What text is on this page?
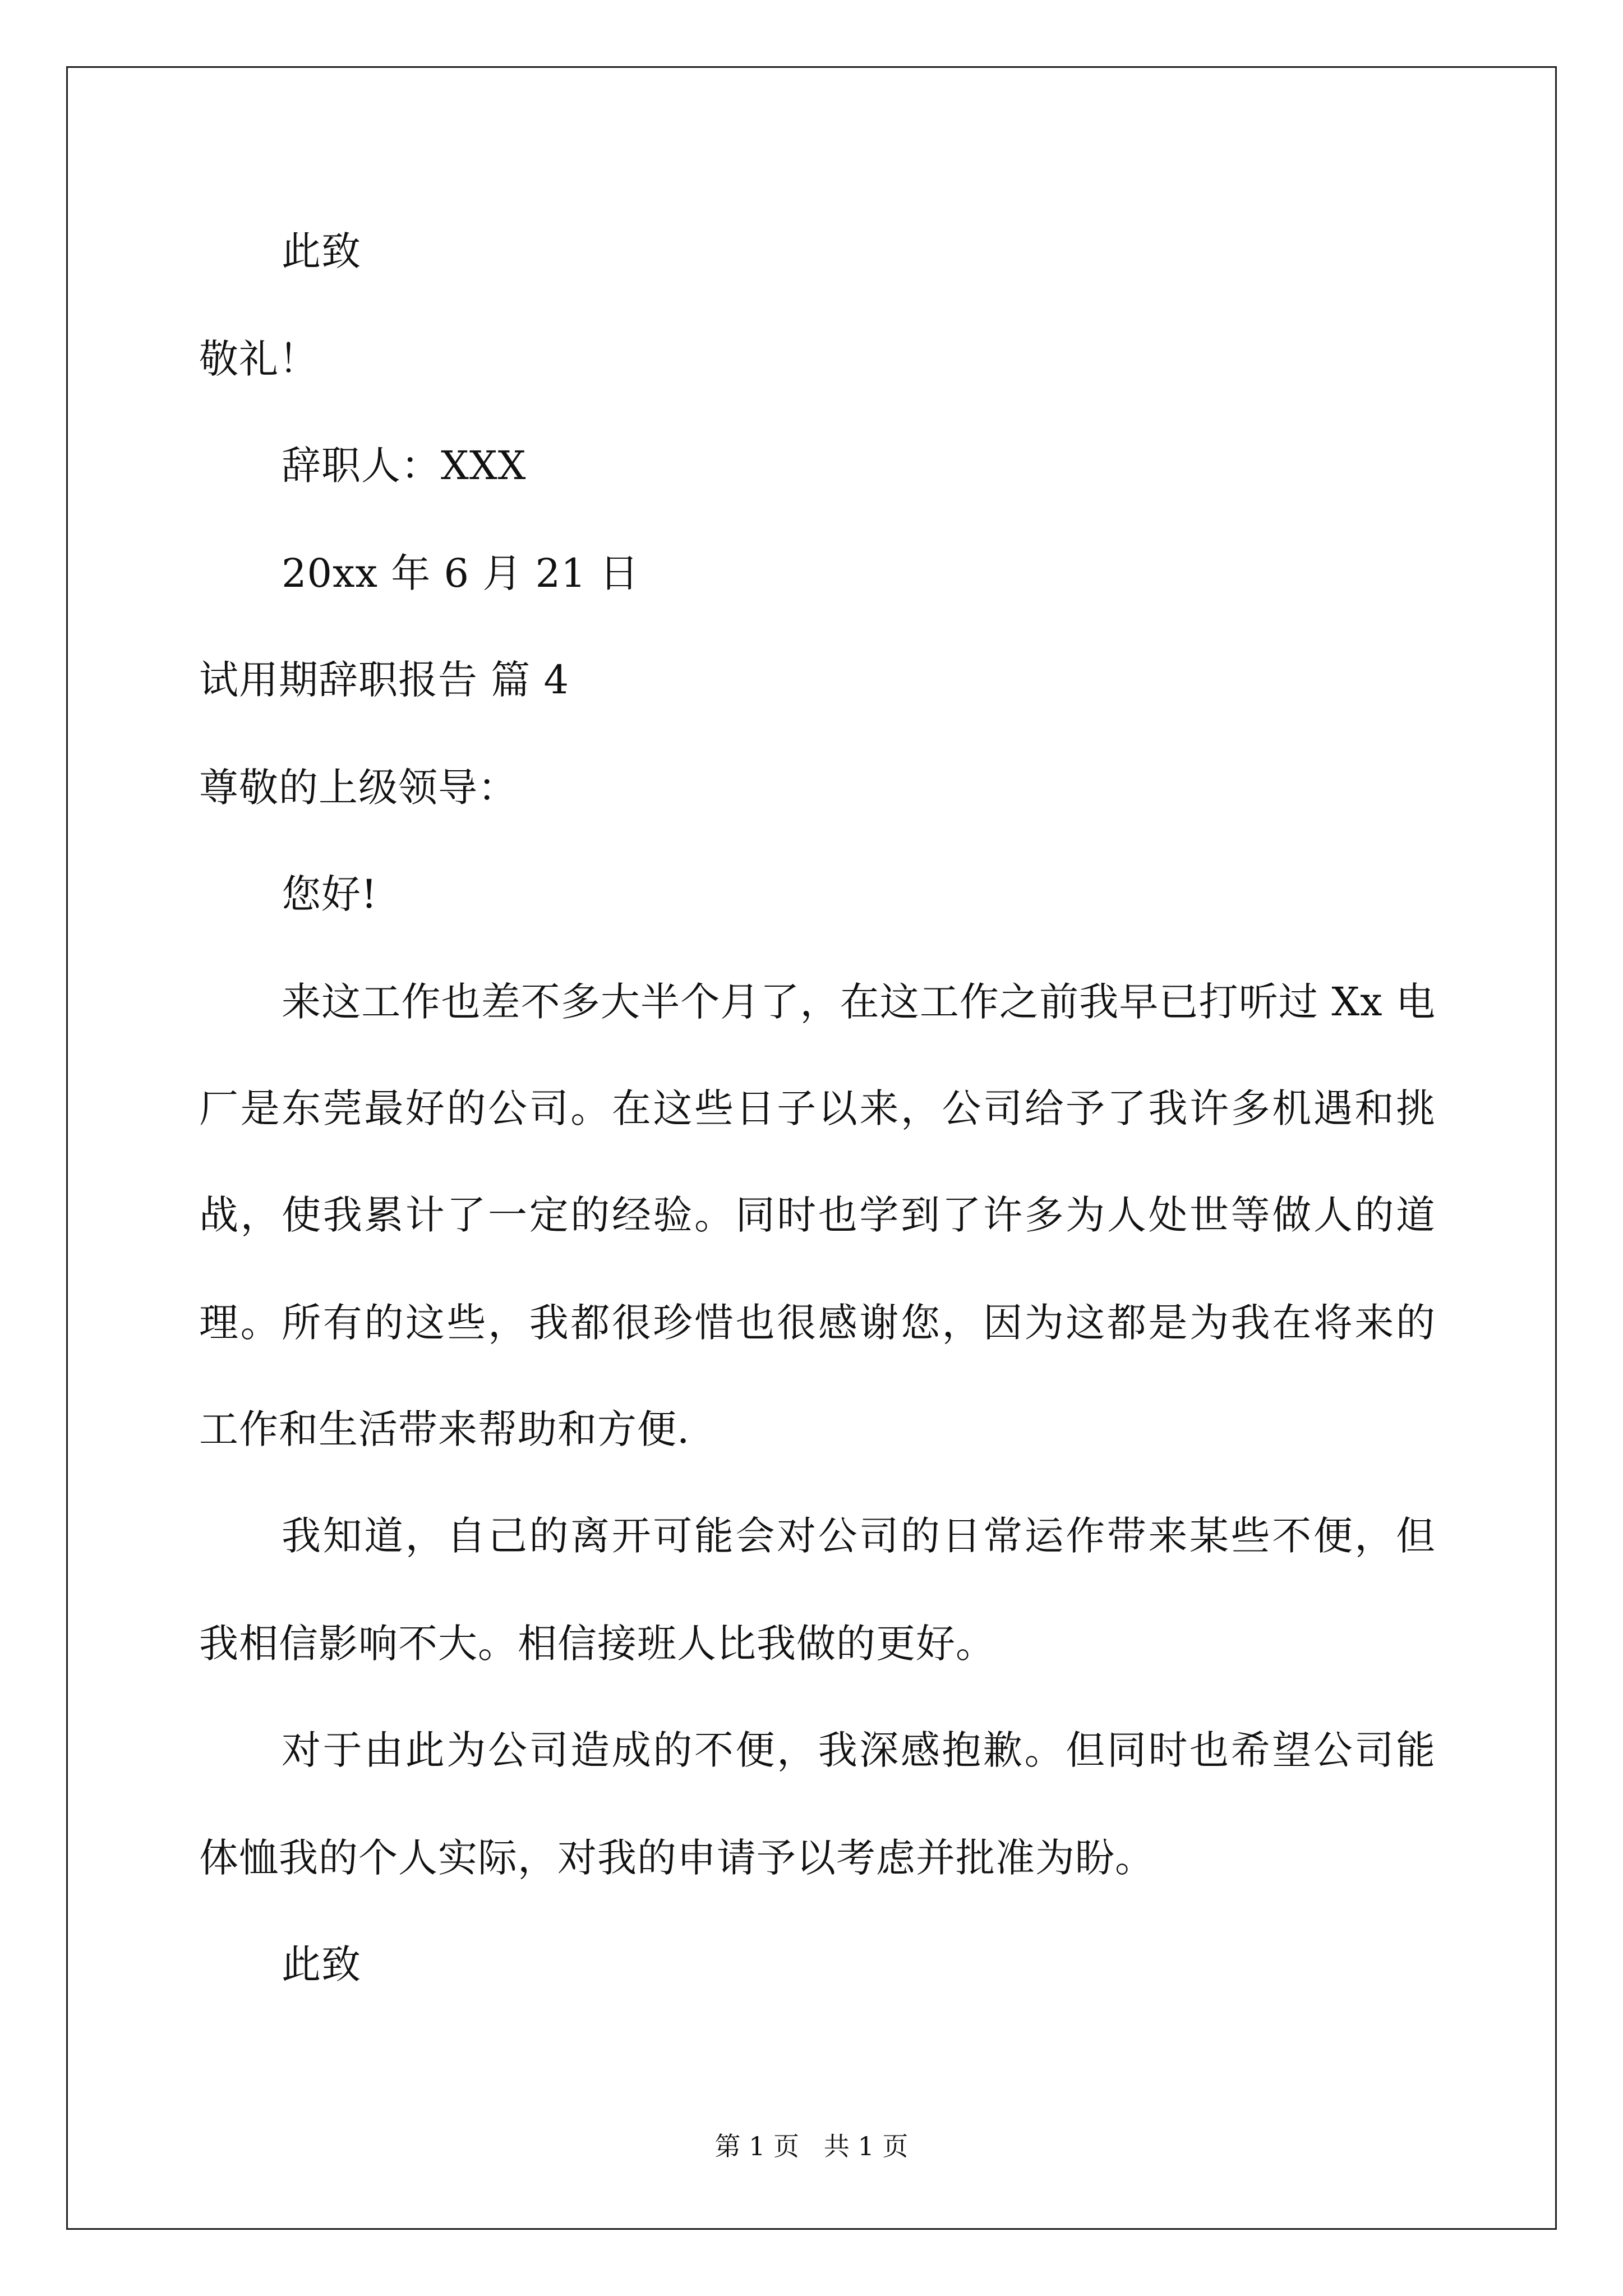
此致
敬礼！
辞职人：XXX
20xx 年 6 月 21 日
试用期辞职报告 篇 4
尊敬的上级领导：
您好!
来这工作也差不多大半个月了，在这工作之前我早已打听过 Xx 电
厂是东莞最好的公司。在这些日子以来，公司给予了我许多机遇和挑
战，使我累计了一定的经验。同时也学到了许多为人处世等做人的道
理。所有的这些，我都很珍惜也很感谢您，因为这都是为我在将来的
工作和生活带来帮助和方便.
我知道，自己的离开可能会对公司的日常运作带来某些不便，但
我相信影响不大。相信接班人比我做的更好。
对于由此为公司造成的不便，我深感抱歉。但同时也希望公司能
体恤我的个人实际，对我的申请予以考虑并批准为盼。
此致
第 1 页   共 1 页
